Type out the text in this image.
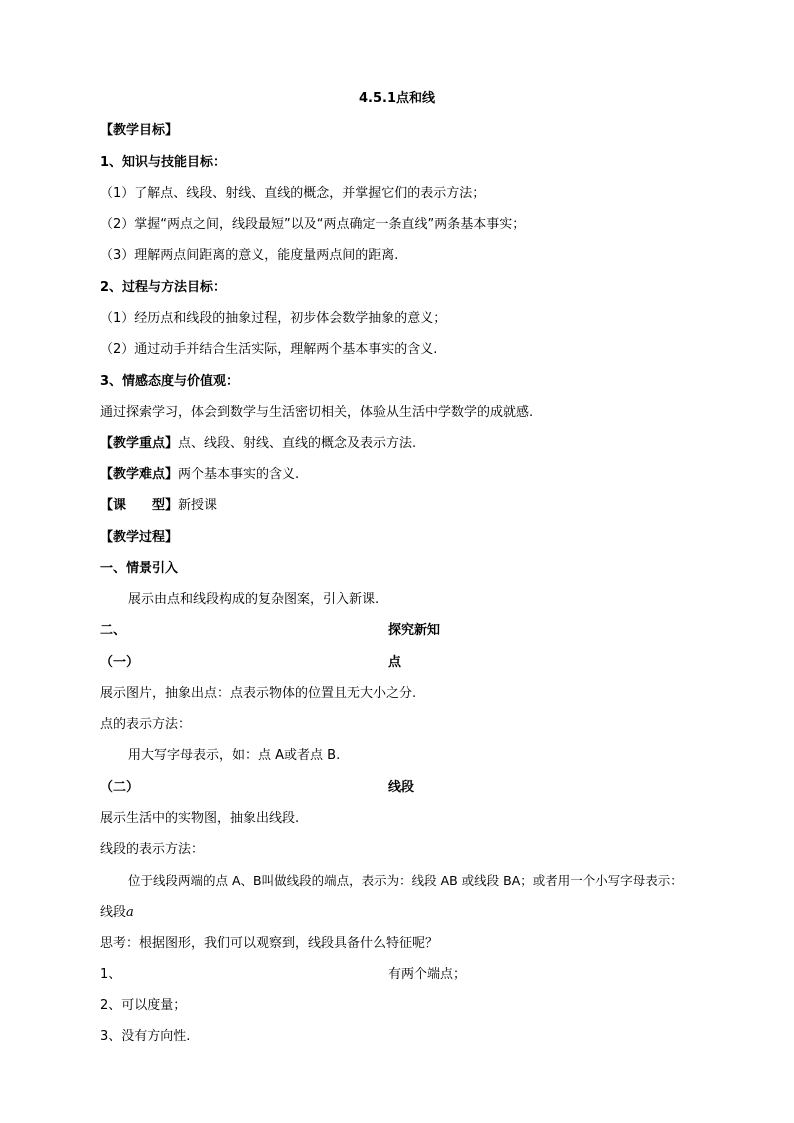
4.5.1点和线
【教学目标】
1、知识与技能目标：
（1）了解点、线段、射线、直线的概念，并掌握它们的表示方法；
（2）掌握“两点之间，线段最短”以及“两点确定一条直线”两条基本事实；
（3）理解两点间距离的意义，能度量两点间的距离.
2、过程与方法目标：
（1）经历点和线段的抽象过程，初步体会数学抽象的意义；
（2）通过动手并结合生活实际，理解两个基本事实的含义.
3、情感态度与价值观：
通过探索学习，体会到数学与生活密切相关，体验从生活中学数学的成就感.
【教学重点】点、线段、射线、直线的概念及表示方法.
【教学难点】两个基本事实的含义.
【课　　型】新授课
【教学过程】
一、情景引入
展示由点和线段构成的复杂图案，引入新课.
二、	探究新知
（一）	点
展示图片，抽象出点：点表示物体的位置且无大小之分.
点的表示方法：
用大写字母表示，如：点 A或者点 B.
（二）	线段
展示生活中的实物图，抽象出线段.
线段的表示方法：
位于线段两端的点 A、B叫做线段的端点，表示为：线段 AB 或线段 BA；或者用一个小写字母表示：
线段a
思考：根据图形，我们可以观察到，线段具备什么特征呢？
1、	有两个端点；
2、可以度量；
3、没有方向性.
